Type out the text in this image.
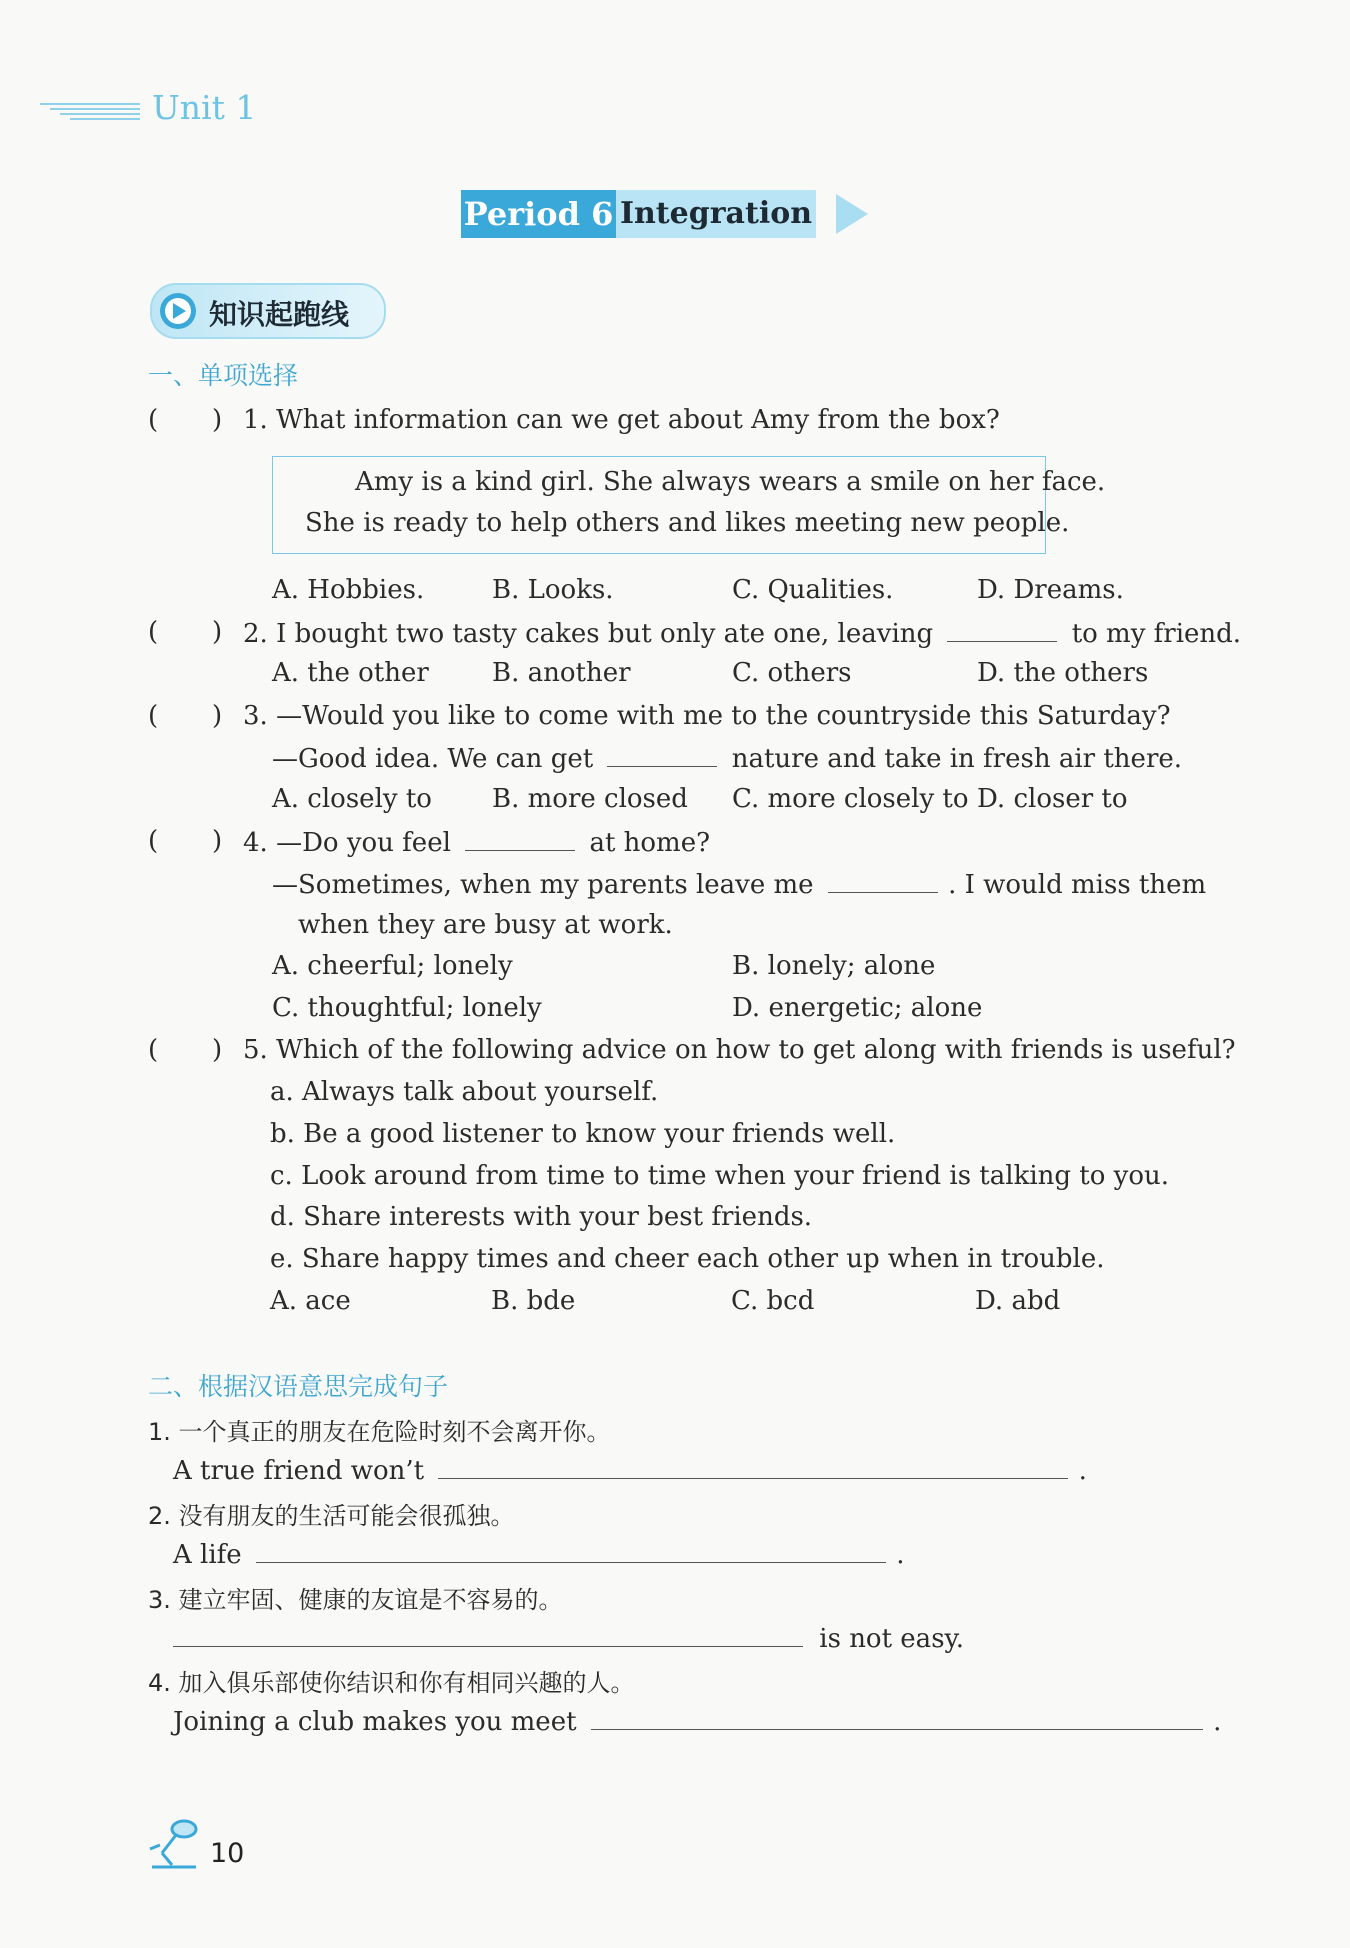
Unit 1
Period 6 Integration
知识起跑线
一、单项选择
( ) 1. What information can we get about Amy from the box?
Amy is a kind girl. She always wears a smile on her face.
She is ready to help others and likes meeting new people.
A. Hobbies.	B. Looks.	C. Qualities.	D. Dreams.
( ) 2. I bought two tasty cakes but only ate one, leaving	to my friend.
A. the other B. another	C. others	D. the others
( ) 3. —Would you like to come with me to the countryside this Saturday?
—Good idea. We can get	nature and take in fresh air there.
A. closely to B. more closed C. more closely to D. closer to
( ) 4. —Do you feel	at home?
—Sometimes, when my parents leave me	. I would miss them
when they are busy at work.
A. cheerful; lonely	B. lonely; alone
C. thoughtful; lonely	D. energetic; alone
( ) 5. Which of the following advice on how to get along with friends is useful?
a. Always talk about yourself.
b. Be a good listener to know your friends well.
c. Look around from time to time when your friend is talking to you.
d. Share interests with your best friends.
e. Share happy times and cheer each other up when in trouble.
A. ace	B. bde	C. bcd	D. abd
二、根据汉语意思完成句子
1. 一个真正的朋友在危险时刻不会离开你。
A true friend won’t	.
2. 没有朋友的生活可能会很孤独。
A life	.
3. 建立牢固、健康的友谊是不容易的。
is not easy.
4. 加入俱乐部使你结识和你有相同兴趣的人。
Joining a club makes you meet	.
10
